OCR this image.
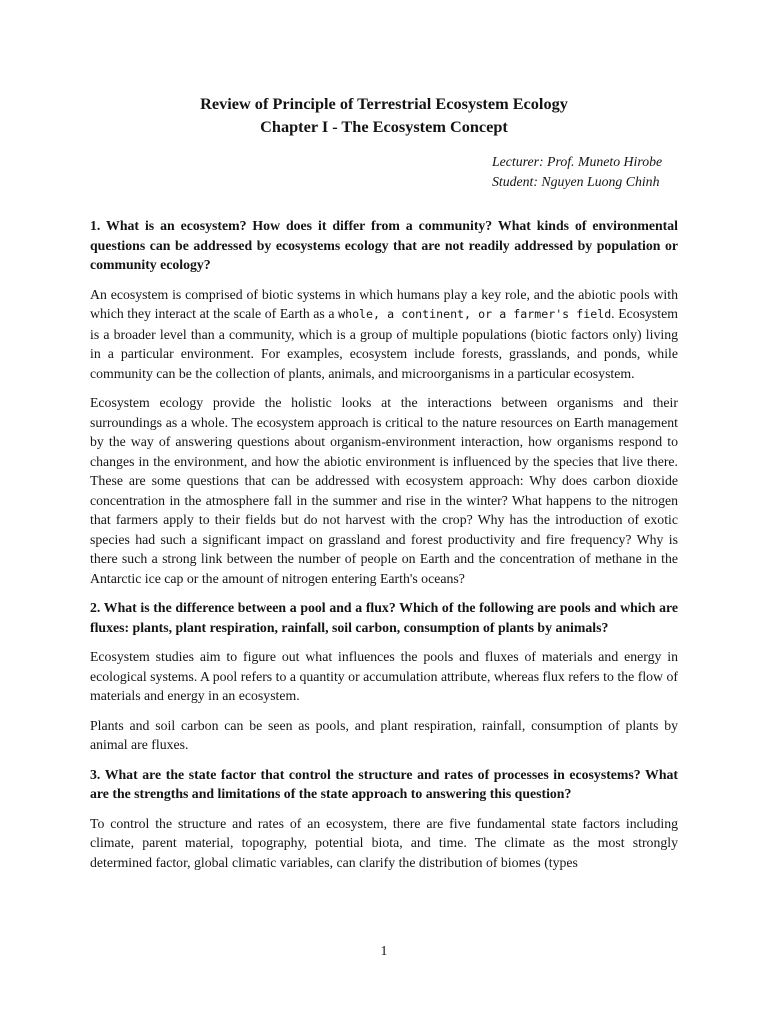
Review of Principle of Terrestrial Ecosystem Ecology
Chapter I - The Ecosystem Concept
Lecturer: Prof. Muneto Hirobe
Student: Nguyen Luong Chinh

1. What is an ecosystem? How does it differ from a community? What kinds of environmental questions can be addressed by ecosystems ecology that are not readily addressed by population or community ecology?

An ecosystem is comprised of biotic systems in which humans play a key role, and the abiotic pools with which they interact at the scale of Earth as a whole, a continent, or a farmer's field. Ecosystem is a broader level than a community, which is a group of multiple populations (biotic factors only) living in a particular environment. For examples, ecosystem include forests, grasslands, and ponds, while community can be the collection of plants, animals, and microorganisms in a particular ecosystem.

Ecosystem ecology provide the holistic looks at the interactions between organisms and their surroundings as a whole. The ecosystem approach is critical to the nature resources on Earth management by the way of answering questions about organism-environment interaction, how organisms respond to changes in the environment, and how the abiotic environment is influenced by the species that live there. These are some questions that can be addressed with ecosystem approach: Why does carbon dioxide concentration in the atmosphere fall in the summer and rise in the winter? What happens to the nitrogen that farmers apply to their fields but do not harvest with the crop? Why has the introduction of exotic species had such a significant impact on grassland and forest productivity and fire frequency? Why is there such a strong link between the number of people on Earth and the concentration of methane in the Antarctic ice cap or the amount of nitrogen entering Earth's oceans?

2. What is the difference between a pool and a flux? Which of the following are pools and which are fluxes: plants, plant respiration, rainfall, soil carbon, consumption of plants by animals?

Ecosystem studies aim to figure out what influences the pools and fluxes of materials and energy in ecological systems. A pool refers to a quantity or accumulation attribute, whereas flux refers to the flow of materials and energy in an ecosystem.

Plants and soil carbon can be seen as pools, and plant respiration, rainfall, consumption of plants by animal are fluxes.

3. What are the state factor that control the structure and rates of processes in ecosystems? What are the strengths and limitations of the state approach to answering this question?

To control the structure and rates of an ecosystem, there are five fundamental state factors including climate, parent material, topography, potential biota, and time. The climate as the most strongly determined factor, global climatic variables, can clarify the distribution of biomes (types

1
